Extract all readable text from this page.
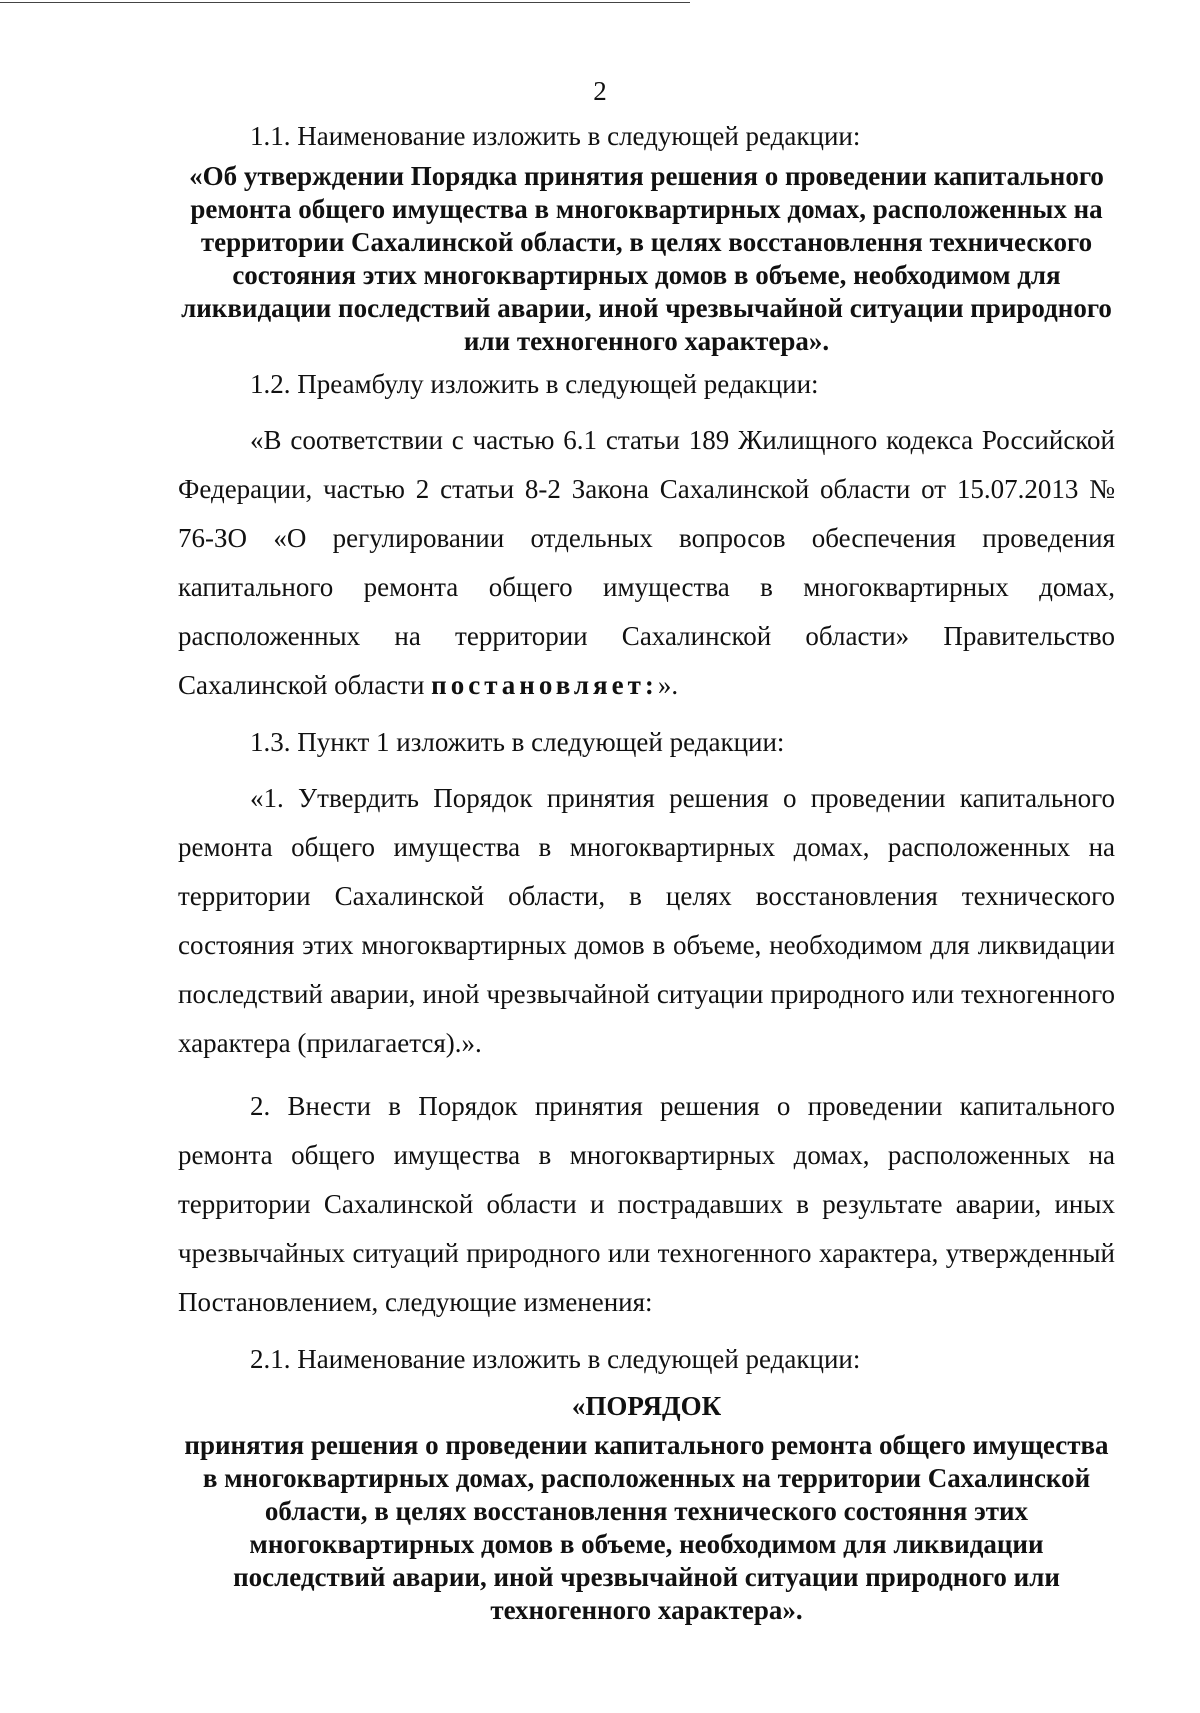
2

1.1. Наименование изложить в следующей редакции:

«Об утверждении Порядка принятия решения о проведении капитального ремонта общего имущества в многоквартирных домах, расположенных на территории Сахалинской области, в целях восстановлення технического состояния этих многоквартирных домов в объеме, необходимом для ликвидации последствий аварии, иной чрезвычайной ситуации природного или техногенного характера».

1.2. Преамбулу изложить в следующей редакции:

«В соответствии с частью 6.1 статьи 189 Жилищного кодекса Российской Федерации, частью 2 статьи 8-2 Закона Сахалинской области от 15.07.2013 № 76-ЗО «О регулировании отдельных вопросов обеспечения проведения капитального ремонта общего имущества в многоквартирных домах, расположенных на территории Сахалинской области» Правительство Сахалинской области постановляет:».

1.3. Пункт 1 изложить в следующей редакции:

«1. Утвердить Порядок принятия решения о проведении капитального ремонта общего имущества в многоквартирных домах, расположенных на территории Сахалинской области, в целях восстановления технического состояния этих многоквартирных домов в объеме, необходимом для ликвидации последствий аварии, иной чрезвычайной ситуации природного или техногенного характера (прилагается).».

2. Внести в Порядок принятия решения о проведении капитального ремонта общего имущества в многоквартирных домах, расположенных на территории Сахалинской области и пострадавших в результате аварии, иных чрезвычайных ситуаций природного или техногенного характера, утвержденный Постановлением, следующие изменения:

2.1. Наименование изложить в следующей редакции:

«ПОРЯДОК
принятия решения о проведении капитального ремонта общего имущества в многоквартирных домах, расположенных на территории Сахалинской области, в целях восстановлення технического состояння этих многоквартирных домов в объеме, необходимом для ликвидации последствий аварии, иной чрезвычайной ситуации природного или техногенного характера».
